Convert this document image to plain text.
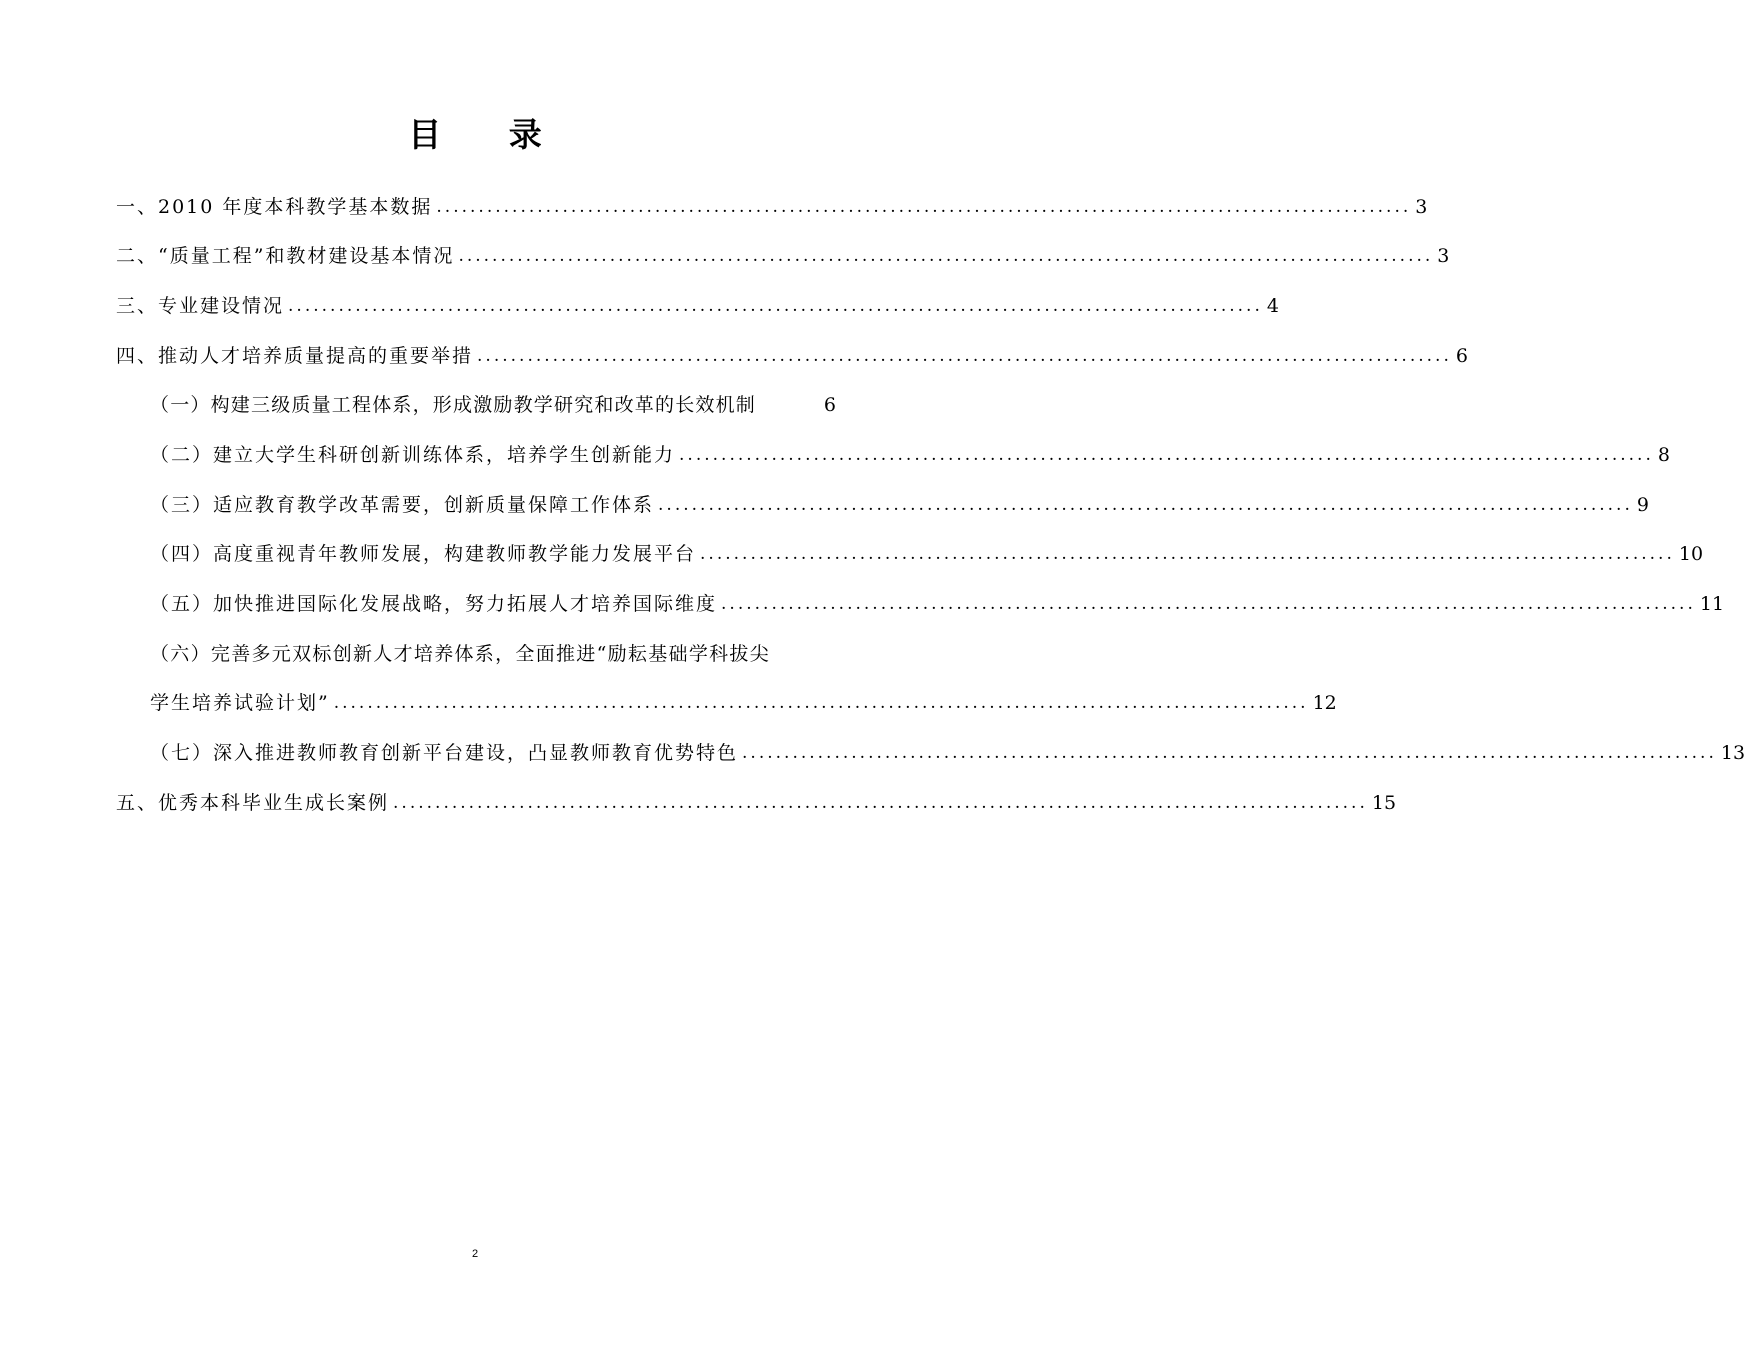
目 录
一、2010 年度本科教学基本数据 .................................................................................................................... 3
二、“质量工程”和教材建设基本情况 .................................................................................................................... 3
三、专业建设情况 .................................................................................................................... 4
四、推动人才培养质量提高的重要举措 .................................................................................................................... 6
（一）构建三级质量工程体系，形成激励教学研究和改革的长效机制	6
（二）建立大学生科研创新训练体系，培养学生创新能力 .................................................................................................................... 8
（三）适应教育教学改革需要，创新质量保障工作体系 .................................................................................................................... 9
（四）高度重视青年教师发展，构建教师教学能力发展平台 .................................................................................................................... 10
（五）加快推进国际化发展战略，努力拓展人才培养国际维度 .................................................................................................................... 11
（六）完善多元双标创新人才培养体系，全面推进“励耘基础学科拔尖
学生培养试验计划” .................................................................................................................... 12
（七）深入推进教师教育创新平台建设，凸显教师教育优势特色 .................................................................................................................... 13
五、优秀本科毕业生成长案例 .................................................................................................................... 15
2
